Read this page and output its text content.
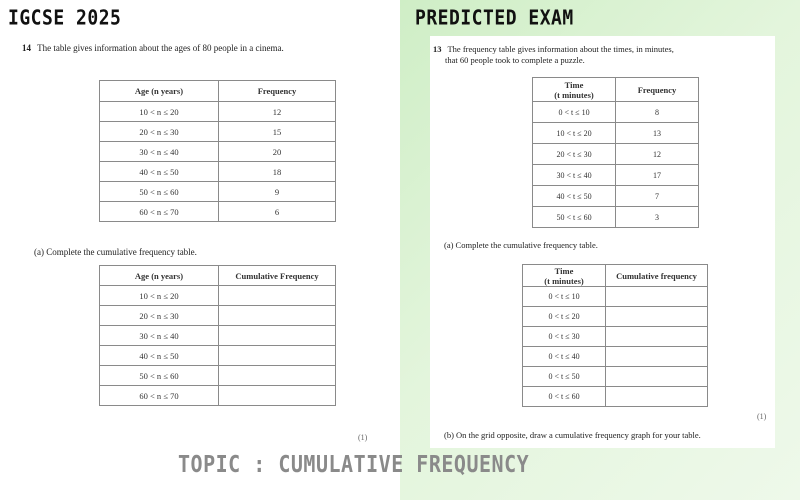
IGCSE 2025
14 The table gives information about the ages of 80 people in a cinema.
Age (n years)	Frequency
10 < n ≤ 20	12
20 < n ≤ 30	15
30 < n ≤ 40	20
40 < n ≤ 50	18
50 < n ≤ 60	9
60 < n ≤ 70	6
(a) Complete the cumulative frequency table.
Age (n years)	Cumulative Frequency
10 < n ≤ 20	
20 < n ≤ 30	
30 < n ≤ 40	
40 < n ≤ 50	
50 < n ≤ 60	
60 < n ≤ 70	
(1)
PREDICTED EXAM
13 The frequency table gives information about the times, in minutes,
that 60 people took to complete a puzzle.
Time
(t minutes)	Frequency
0 < t ≤ 10	8
10 < t ≤ 20	13
20 < t ≤ 30	12
30 < t ≤ 40	17
40 < t ≤ 50	7
50 < t ≤ 60	3
(a) Complete the cumulative frequency table.
Time
(t minutes)	Cumulative frequency
0 < t ≤ 10	
0 < t ≤ 20	
0 < t ≤ 30	
0 < t ≤ 40	
0 < t ≤ 50	
0 < t ≤ 60	
(1)
(b) On the grid opposite, draw a cumulative frequency graph for your table.
TOPIC : CUMULATIVE FREQUENCY
